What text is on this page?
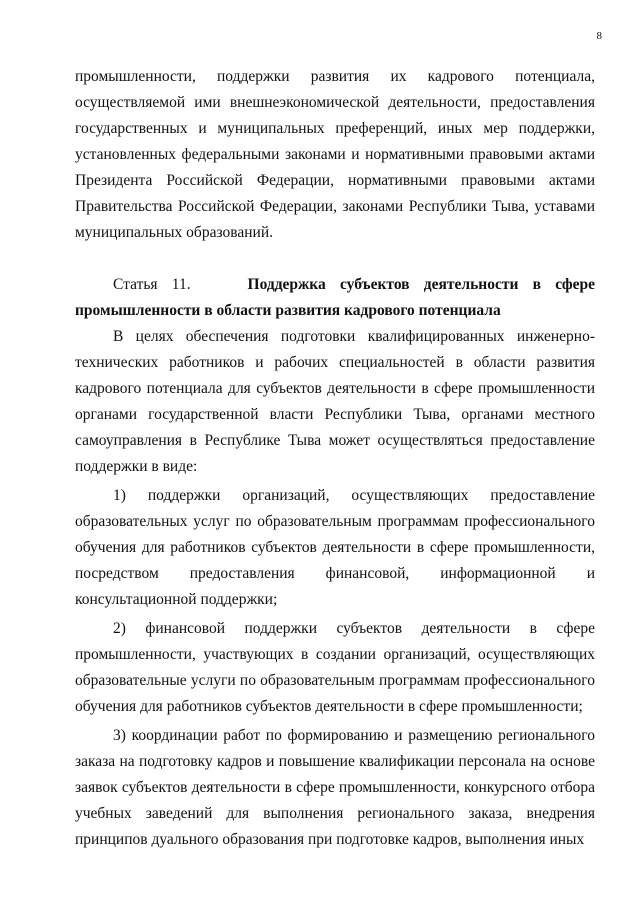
8

промышленности, поддержки развития их кадрового потенциала, осуществляемой ими внешнеэкономической деятельности, предоставления государственных и муниципальных преференций, иных мер поддержки, установленных федеральными законами и нормативными правовыми актами Президента Российской Федерации, нормативными правовыми актами Правительства Российской Федерации, законами Республики Тыва, уставами муниципальных образований.

Статья 11.	Поддержка субъектов деятельности в сфере промышленности в области развития кадрового потенциала

В целях обеспечения подготовки квалифицированных инженерно-технических работников и рабочих специальностей в области развития кадрового потенциала для субъектов деятельности в сфере промышленности органами государственной власти Республики Тыва, органами местного самоуправления в Республике Тыва может осуществляться предоставление поддержки в виде:

1) поддержки организаций, осуществляющих предоставление образовательных услуг по образовательным программам профессионального обучения для работников субъектов деятельности в сфере промышленности, посредством предоставления финансовой, информационной и консультационной поддержки;

2) финансовой поддержки субъектов деятельности в сфере промышленности, участвующих в создании организаций, осуществляющих образовательные услуги по образовательным программам профессионального обучения для работников субъектов деятельности в сфере промышленности;

3) координации работ по формированию и размещению регионального заказа на подготовку кадров и повышение квалификации персонала на основе заявок субъектов деятельности в сфере промышленности, конкурсного отбора учебных заведений для выполнения регионального заказа, внедрения принципов дуального образования при подготовке кадров, выполнения иных
